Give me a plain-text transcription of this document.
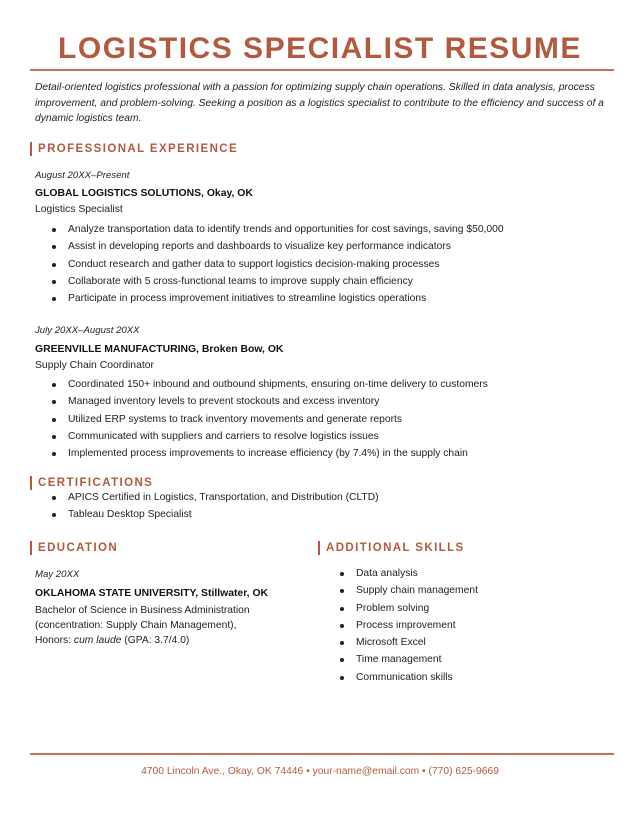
LOGISTICS SPECIALIST RESUME
Detail-oriented logistics professional with a passion for optimizing supply chain operations. Skilled in data analysis, process improvement, and problem-solving. Seeking a position as a logistics specialist to contribute to the efficiency and success of a dynamic logistics team.
PROFESSIONAL EXPERIENCE
August 20XX–Present
GLOBAL LOGISTICS SOLUTIONS, Okay, OK
Logistics Specialist
Analyze transportation data to identify trends and opportunities for cost savings, saving $50,000
Assist in developing reports and dashboards to visualize key performance indicators
Conduct research and gather data to support logistics decision-making processes
Collaborate with 5 cross-functional teams to improve supply chain efficiency
Participate in process improvement initiatives to streamline logistics operations
July 20XX–August 20XX
GREENVILLE MANUFACTURING, Broken Bow, OK
Supply Chain Coordinator
Coordinated 150+ inbound and outbound shipments, ensuring on-time delivery to customers
Managed inventory levels to prevent stockouts and excess inventory
Utilized ERP systems to track inventory movements and generate reports
Communicated with suppliers and carriers to resolve logistics issues
Implemented process improvements to increase efficiency (by 7.4%) in the supply chain
CERTIFICATIONS
APICS Certified in Logistics, Transportation, and Distribution (CLTD)
Tableau Desktop Specialist
EDUCATION
May 20XX
OKLAHOMA STATE UNIVERSITY, Stillwater, OK
Bachelor of Science in Business Administration
(concentration: Supply Chain Management),
Honors: cum laude (GPA: 3.7/4.0)
ADDITIONAL SKILLS
Data analysis
Supply chain management
Problem solving
Process improvement
Microsoft Excel
Time management
Communication skills
4700 Lincoln Ave., Okay, OK 74446 • your-name@email.com • (770) 625-9669
